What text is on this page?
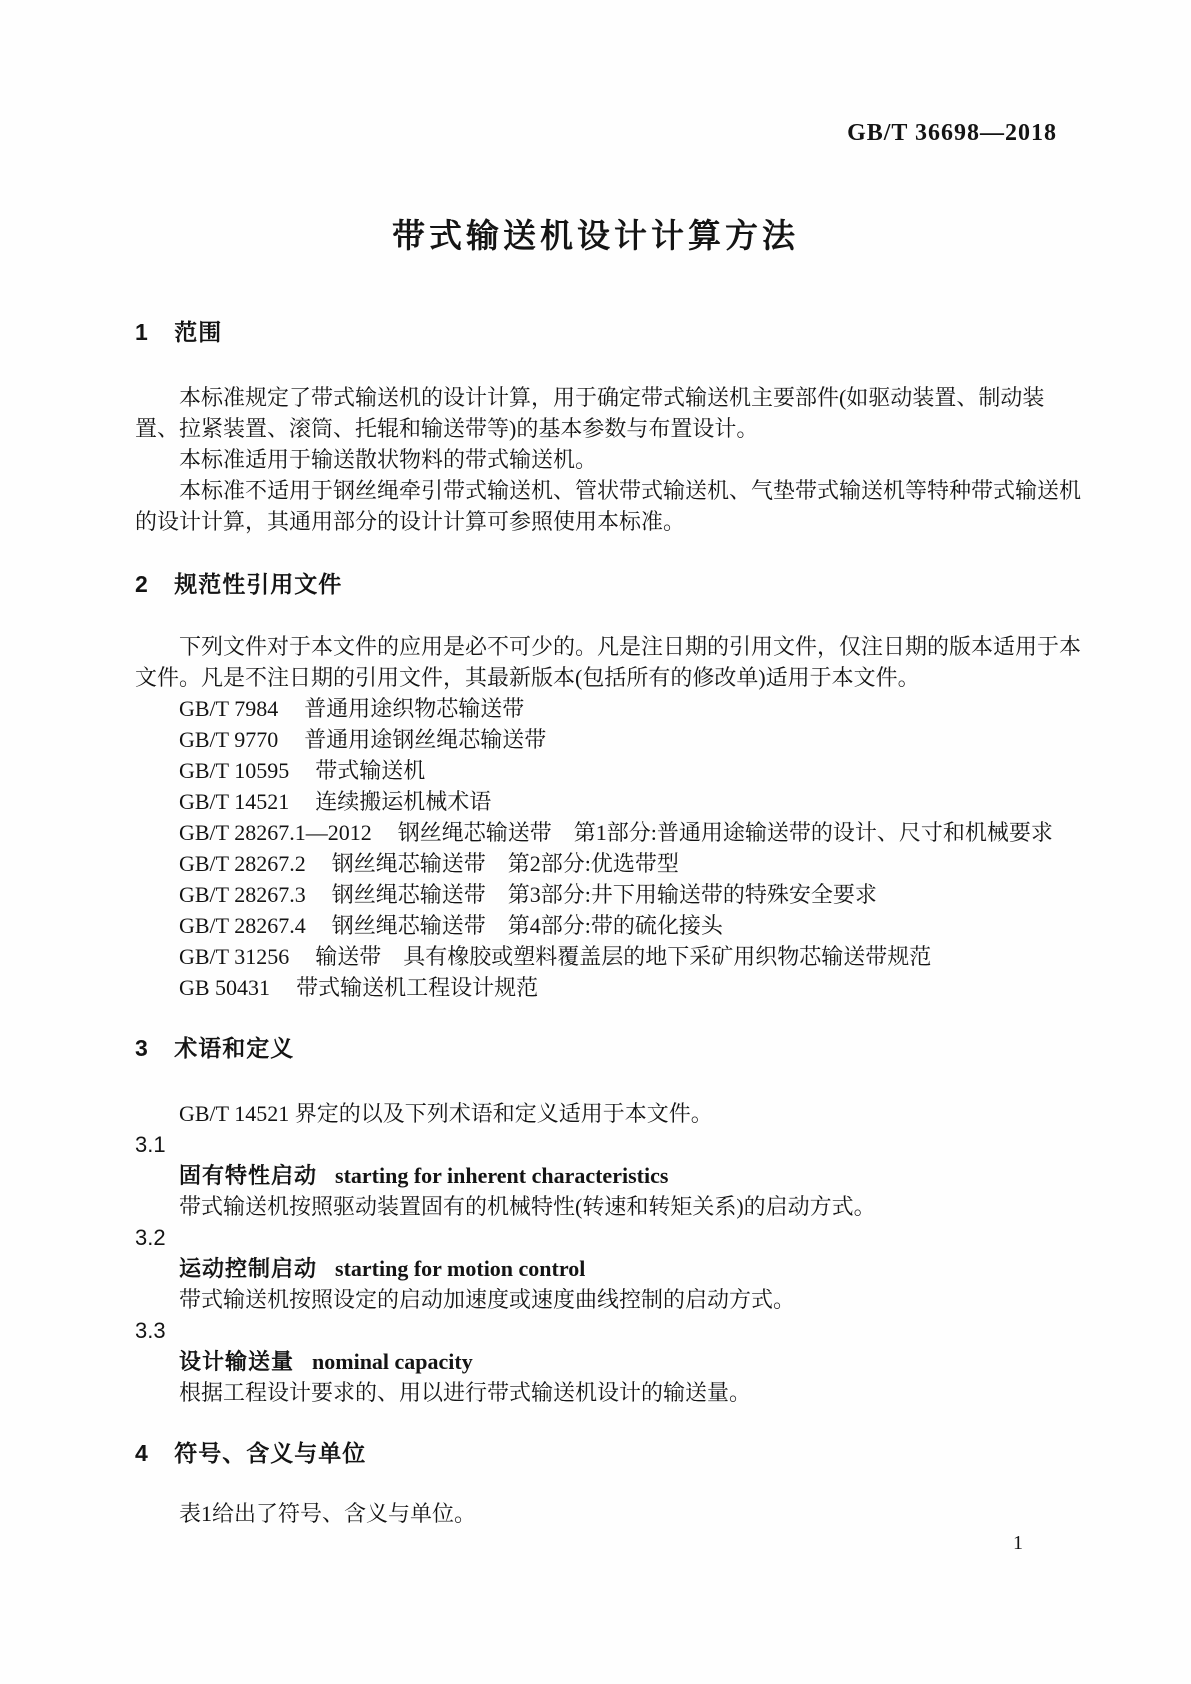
GB/T 36698—2018
带式输送机设计计算方法
1 范围

本标准规定了带式输送机的设计计算，用于确定带式输送机主要部件(如驱动装置、制动装置、拉紧装置、滚筒、托辊和输送带等)的基本参数与布置设计。

本标准适用于输送散状物料的带式输送机。

本标准不适用于钢丝绳牵引带式输送机、管状带式输送机、气垫带式输送机等特种带式输送机的设计计算，其通用部分的设计计算可参照使用本标准。

2 规范性引用文件

下列文件对于本文件的应用是必不可少的。凡是注日期的引用文件，仅注日期的版本适用于本文件。凡是不注日期的引用文件，其最新版本(包括所有的修改单)适用于本文件。

GB/T 7984 普通用途织物芯输送带
GB/T 9770 普通用途钢丝绳芯输送带
GB/T 10595 带式输送机
GB/T 14521 连续搬运机械术语
GB/T 28267.1—2012 钢丝绳芯输送带　第1部分:普通用途输送带的设计、尺寸和机械要求
GB/T 28267.2 钢丝绳芯输送带　第2部分:优选带型
GB/T 28267.3 钢丝绳芯输送带　第3部分:井下用输送带的特殊安全要求
GB/T 28267.4 钢丝绳芯输送带　第4部分:带的硫化接头
GB/T 31256 输送带　具有橡胶或塑料覆盖层的地下采矿用织物芯输送带规范
GB 50431 带式输送机工程设计规范
3 术语和定义

GB/T 14521 界定的以及下列术语和定义适用于本文件。

3.1
固有特性启动 starting for inherent characteristics

带式输送机按照驱动装置固有的机械特性(转速和转矩关系)的启动方式。

3.2
运动控制启动 starting for motion control

带式输送机按照设定的启动加速度或速度曲线控制的启动方式。

3.3
设计输送量 nominal capacity

根据工程设计要求的、用以进行带式输送机设计的输送量。

4 符号、含义与单位

表1给出了符号、含义与单位。

1
